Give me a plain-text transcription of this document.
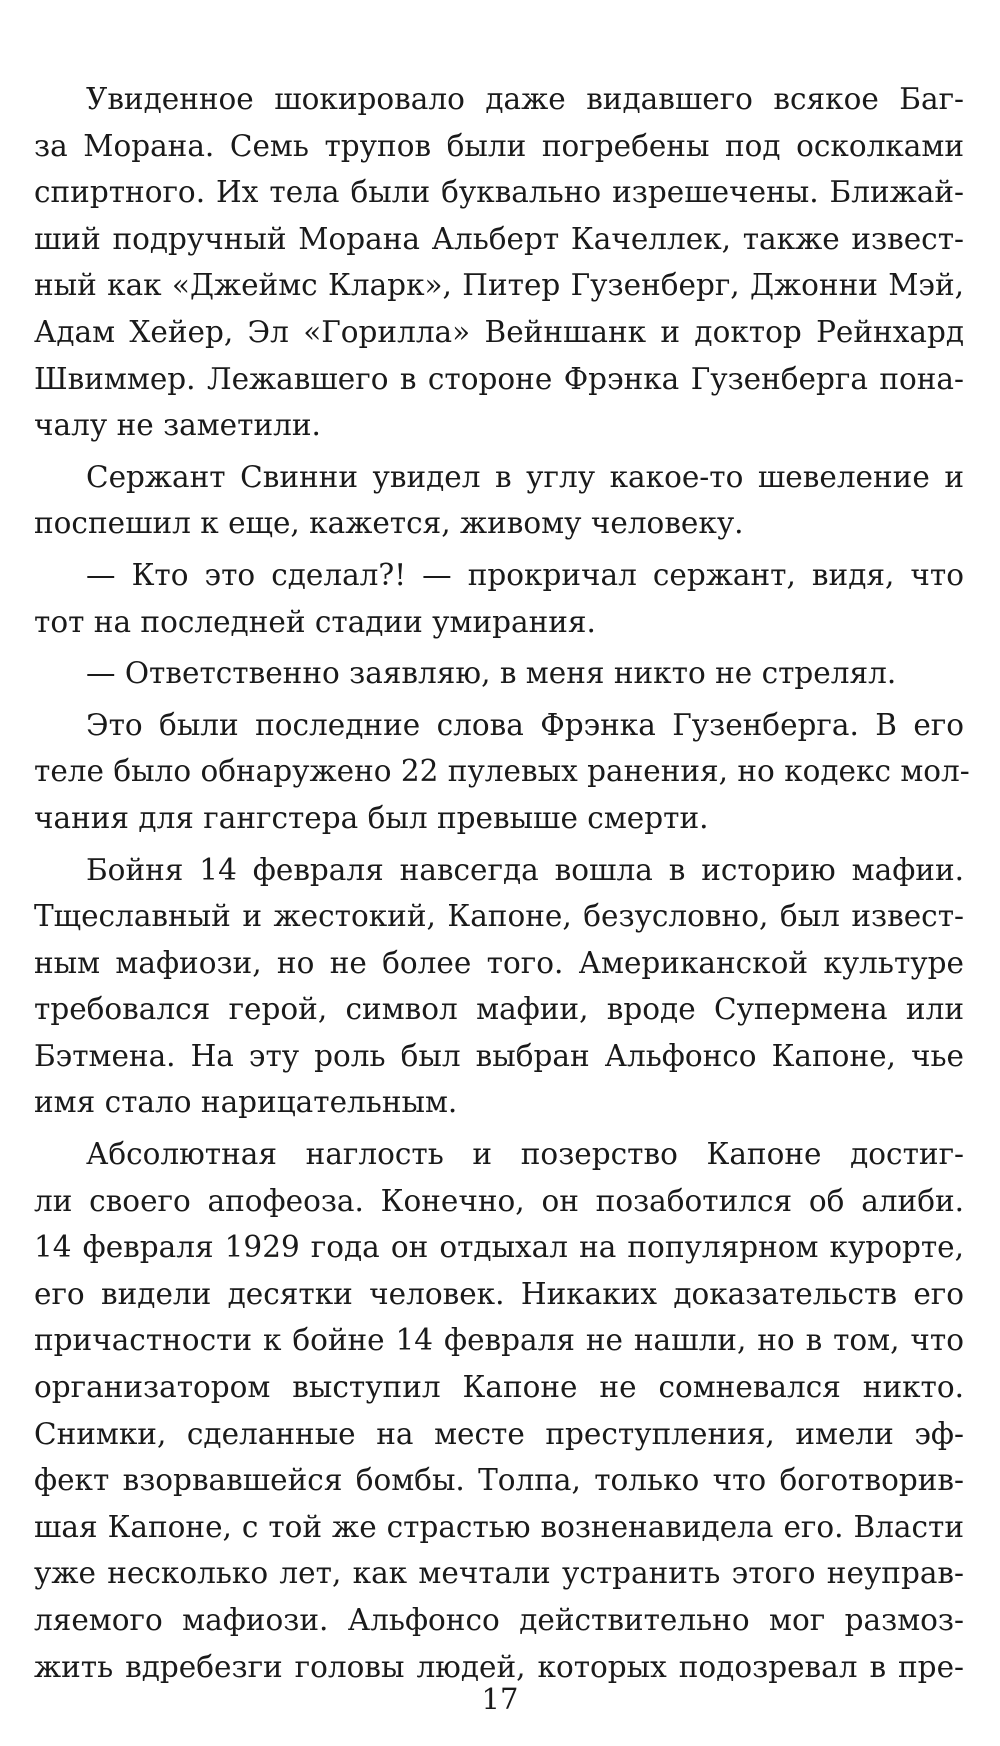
Увиденное шокировало даже видавшего всякое Баг-
за Морана. Семь трупов были погребены под осколками
спиртного. Их тела были буквально изрешечены. Ближай-
ший подручный Морана Альберт Качеллек, также извест-
ный как «Джеймс Кларк», Питер Гузенберг, Джонни Мэй,
Адам Хейер, Эл «Горилла» Вейншанк и доктор Рейнхард
Швиммер. Лежавшего в стороне Фрэнка Гузенберга пона-
чалу не заметили.
Сержант Свинни увидел в углу какое-то шевеление и
поспешил к еще, кажется, живому человеку.
— Кто это сделал?! — прокричал сержант, видя, что
тот на последней стадии умирания.
— Ответственно заявляю, в меня никто не стрелял.
Это были последние слова Фрэнка Гузенберга. В его
теле было обнаружено 22 пулевых ранения, но кодекс мол-
чания для гангстера был превыше смерти.
Бойня 14 февраля навсегда вошла в историю мафии.
Тщеславный и жестокий, Капоне, безусловно, был извест-
ным мафиози, но не более того. Американской культуре
требовался герой, символ мафии, вроде Супермена или
Бэтмена. На эту роль был выбран Альфонсо Капоне, чье
имя стало нарицательным.
Абсолютная наглость и позерство Капоне достиг-
ли своего апофеоза. Конечно, он позаботился об алиби.
14 февраля 1929 года он отдыхал на популярном курорте,
его видели десятки человек. Никаких доказательств его
причастности к бойне 14 февраля не нашли, но в том, что
организатором выступил Капоне не сомневался никто.
Снимки, сделанные на месте преступления, имели эф-
фект взорвавшейся бомбы. Толпа, только что боготворив-
шая Капоне, с той же страстью возненавидела его. Власти
уже несколько лет, как мечтали устранить этого неуправ-
ляемого мафиози. Альфонсо действительно мог размоз-
жить вдребезги головы людей, которых подозревал в пре-
17
